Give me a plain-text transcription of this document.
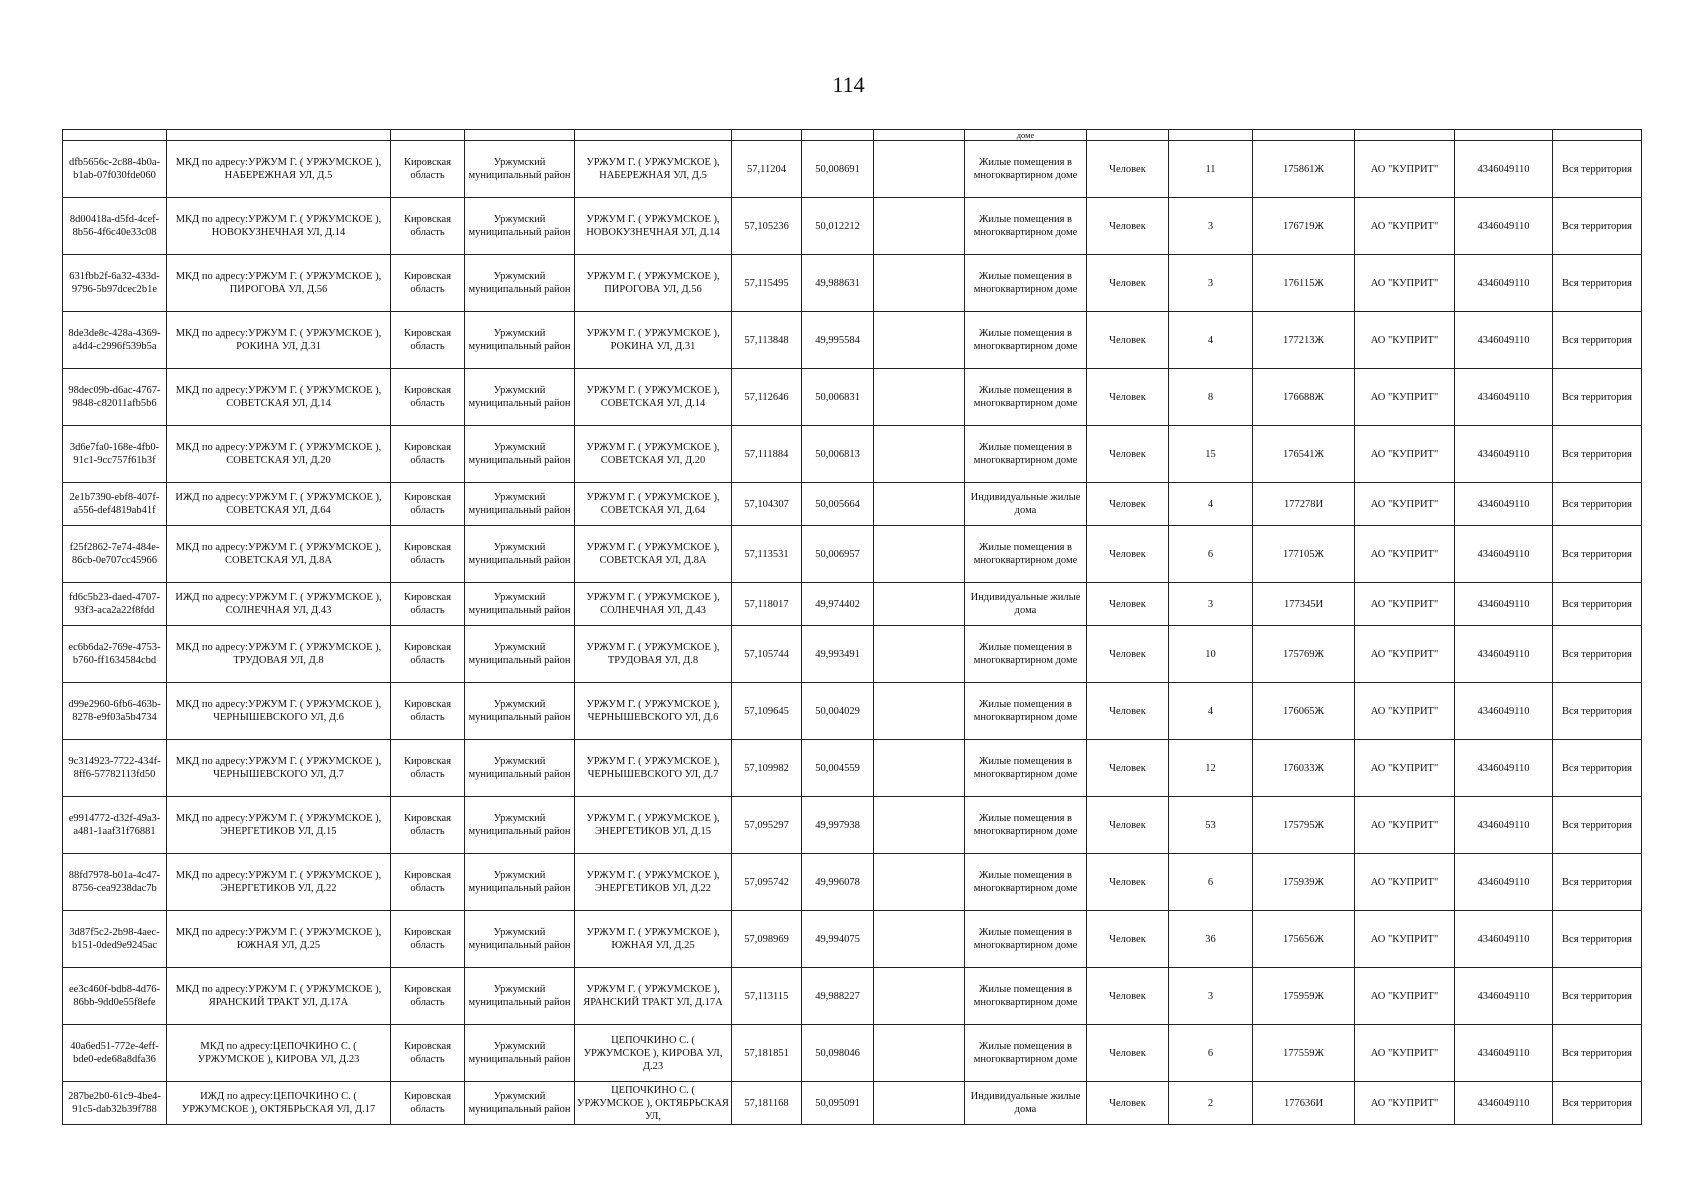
114
								доме						
dfb5656c-2c88-4b0a-b1ab-07f030fde060	МКД по адресу:УРЖУМ Г. ( УРЖУМСКОЕ ), НАБЕРЕЖНАЯ УЛ, Д.5	Кировская область	Уржумский муниципальный район	УРЖУМ Г. ( УРЖУМСКОЕ ), НАБЕРЕЖНАЯ УЛ, Д.5	57,11204	50,008691		Жилые помещения в многоквартирном доме	Человек	11	175861Ж	АО "КУПРИТ"	4346049110	Вся территория
8d00418a-d5fd-4cef-8b56-4f6c40e33c08	МКД по адресу:УРЖУМ Г. ( УРЖУМСКОЕ ), НОВОКУЗНЕЧНАЯ УЛ, Д.14	Кировская область	Уржумский муниципальный район	УРЖУМ Г. ( УРЖУМСКОЕ ), НОВОКУЗНЕЧНАЯ УЛ, Д.14	57,105236	50,012212		Жилые помещения в многоквартирном доме	Человек	3	176719Ж	АО "КУПРИТ"	4346049110	Вся территория
631fbb2f-6a32-433d-9796-5b97dcec2b1e	МКД по адресу:УРЖУМ Г. ( УРЖУМСКОЕ ), ПИРОГОВА УЛ, Д.56	Кировская область	Уржумский муниципальный район	УРЖУМ Г. ( УРЖУМСКОЕ ), ПИРОГОВА УЛ, Д.56	57,115495	49,988631		Жилые помещения в многоквартирном доме	Человек	3	176115Ж	АО "КУПРИТ"	4346049110	Вся территория
8de3de8c-428a-4369-a4d4-c2996f539b5a	МКД по адресу:УРЖУМ Г. ( УРЖУМСКОЕ ), РОКИНА УЛ, Д.31	Кировская область	Уржумский муниципальный район	УРЖУМ Г. ( УРЖУМСКОЕ ), РОКИНА УЛ, Д.31	57,113848	49,995584		Жилые помещения в многоквартирном доме	Человек	4	177213Ж	АО "КУПРИТ"	4346049110	Вся территория
98dec09b-d6ac-4767-9848-c82011afb5b6	МКД по адресу:УРЖУМ Г. ( УРЖУМСКОЕ ), СОВЕТСКАЯ УЛ, Д.14	Кировская область	Уржумский муниципальный район	УРЖУМ Г. ( УРЖУМСКОЕ ), СОВЕТСКАЯ УЛ, Д.14	57,112646	50,006831		Жилые помещения в многоквартирном доме	Человек	8	176688Ж	АО "КУПРИТ"	4346049110	Вся территория
3d6e7fa0-168e-4fb0-91c1-9cc757f61b3f	МКД по адресу:УРЖУМ Г. ( УРЖУМСКОЕ ), СОВЕТСКАЯ УЛ, Д.20	Кировская область	Уржумский муниципальный район	УРЖУМ Г. ( УРЖУМСКОЕ ), СОВЕТСКАЯ УЛ, Д.20	57,111884	50,006813		Жилые помещения в многоквартирном доме	Человек	15	176541Ж	АО "КУПРИТ"	4346049110	Вся территория
2e1b7390-ebf8-407f-a556-def4819ab41f	ИЖД по адресу:УРЖУМ Г. ( УРЖУМСКОЕ ), СОВЕТСКАЯ УЛ, Д.64	Кировская область	Уржумский муниципальный район	УРЖУМ Г. ( УРЖУМСКОЕ ), СОВЕТСКАЯ УЛ, Д.64	57,104307	50,005664		Индивидуальные жилые дома	Человек	4	177278И	АО "КУПРИТ"	4346049110	Вся территория
f25f2862-7e74-484e-86cb-0e707cc45966	МКД по адресу:УРЖУМ Г. ( УРЖУМСКОЕ ), СОВЕТСКАЯ УЛ, Д.8А	Кировская область	Уржумский муниципальный район	УРЖУМ Г. ( УРЖУМСКОЕ ), СОВЕТСКАЯ УЛ, Д.8А	57,113531	50,006957		Жилые помещения в многоквартирном доме	Человек	6	177105Ж	АО "КУПРИТ"	4346049110	Вся территория
fd6c5b23-daed-4707-93f3-aca2a22f8fdd	ИЖД по адресу:УРЖУМ Г. ( УРЖУМСКОЕ ), СОЛНЕЧНАЯ УЛ, Д.43	Кировская область	Уржумский муниципальный район	УРЖУМ Г. ( УРЖУМСКОЕ ), СОЛНЕЧНАЯ УЛ, Д.43	57,118017	49,974402		Индивидуальные жилые дома	Человек	3	177345И	АО "КУПРИТ"	4346049110	Вся территория
ec6b6da2-769e-4753-b760-ff1634584cbd	МКД по адресу:УРЖУМ Г. ( УРЖУМСКОЕ ), ТРУДОВАЯ УЛ, Д.8	Кировская область	Уржумский муниципальный район	УРЖУМ Г. ( УРЖУМСКОЕ ), ТРУДОВАЯ УЛ, Д.8	57,105744	49,993491		Жилые помещения в многоквартирном доме	Человек	10	175769Ж	АО "КУПРИТ"	4346049110	Вся территория
d99e2960-6fb6-463b-8278-e9f03a5b4734	МКД по адресу:УРЖУМ Г. ( УРЖУМСКОЕ ), ЧЕРНЫШЕВСКОГО УЛ, Д.6	Кировская область	Уржумский муниципальный район	УРЖУМ Г. ( УРЖУМСКОЕ ), ЧЕРНЫШЕВСКОГО УЛ, Д.6	57,109645	50,004029		Жилые помещения в многоквартирном доме	Человек	4	176065Ж	АО "КУПРИТ"	4346049110	Вся территория
9c314923-7722-434f-8ff6-57782113fd50	МКД по адресу:УРЖУМ Г. ( УРЖУМСКОЕ ), ЧЕРНЫШЕВСКОГО УЛ, Д.7	Кировская область	Уржумский муниципальный район	УРЖУМ Г. ( УРЖУМСКОЕ ), ЧЕРНЫШЕВСКОГО УЛ, Д.7	57,109982	50,004559		Жилые помещения в многоквартирном доме	Человек	12	176033Ж	АО "КУПРИТ"	4346049110	Вся территория
e9914772-d32f-49a3-a481-1aaf31f76881	МКД по адресу:УРЖУМ Г. ( УРЖУМСКОЕ ), ЭНЕРГЕТИКОВ УЛ, Д.15	Кировская область	Уржумский муниципальный район	УРЖУМ Г. ( УРЖУМСКОЕ ), ЭНЕРГЕТИКОВ УЛ, Д.15	57,095297	49,997938		Жилые помещения в многоквартирном доме	Человек	53	175795Ж	АО "КУПРИТ"	4346049110	Вся территория
88fd7978-b01a-4c47-8756-cea9238dac7b	МКД по адресу:УРЖУМ Г. ( УРЖУМСКОЕ ), ЭНЕРГЕТИКОВ УЛ, Д.22	Кировская область	Уржумский муниципальный район	УРЖУМ Г. ( УРЖУМСКОЕ ), ЭНЕРГЕТИКОВ УЛ, Д.22	57,095742	49,996078		Жилые помещения в многоквартирном доме	Человек	6	175939Ж	АО "КУПРИТ"	4346049110	Вся территория
3d87f5c2-2b98-4aec-b151-0ded9e9245ac	МКД по адресу:УРЖУМ Г. ( УРЖУМСКОЕ ), ЮЖНАЯ УЛ, Д.25	Кировская область	Уржумский муниципальный район	УРЖУМ Г. ( УРЖУМСКОЕ ), ЮЖНАЯ УЛ, Д.25	57,098969	49,994075		Жилые помещения в многоквартирном доме	Человек	36	175656Ж	АО "КУПРИТ"	4346049110	Вся территория
ee3c460f-bdb8-4d76-86bb-9dd0e55f8efe	МКД по адресу:УРЖУМ Г. ( УРЖУМСКОЕ ), ЯРАНСКИЙ ТРАКТ УЛ, Д.17А	Кировская область	Уржумский муниципальный район	УРЖУМ Г. ( УРЖУМСКОЕ ), ЯРАНСКИЙ ТРАКТ УЛ, Д.17А	57,113115	49,988227		Жилые помещения в многоквартирном доме	Человек	3	175959Ж	АО "КУПРИТ"	4346049110	Вся территория
40a6ed51-772e-4eff-bde0-ede68a8dfa36	МКД по адресу:ЦЕПОЧКИНО С. ( УРЖУМСКОЕ ), КИРОВА УЛ, Д.23	Кировская область	Уржумский муниципальный район	ЦЕПОЧКИНО С. ( УРЖУМСКОЕ ), КИРОВА УЛ, Д.23	57,181851	50,098046		Жилые помещения в многоквартирном доме	Человек	6	177559Ж	АО "КУПРИТ"	4346049110	Вся территория
287be2b0-61c9-4be4-91c5-dab32b39f788	ИЖД по адресу:ЦЕПОЧКИНО С. ( УРЖУМСКОЕ ), ОКТЯБРЬСКАЯ УЛ, Д.17	Кировская область	Уржумский муниципальный район	ЦЕПОЧКИНО С. ( УРЖУМСКОЕ ), ОКТЯБРЬСКАЯ УЛ,	57,181168	50,095091		Индивидуальные жилые дома	Человек	2	177636И	АО "КУПРИТ"	4346049110	Вся территория
